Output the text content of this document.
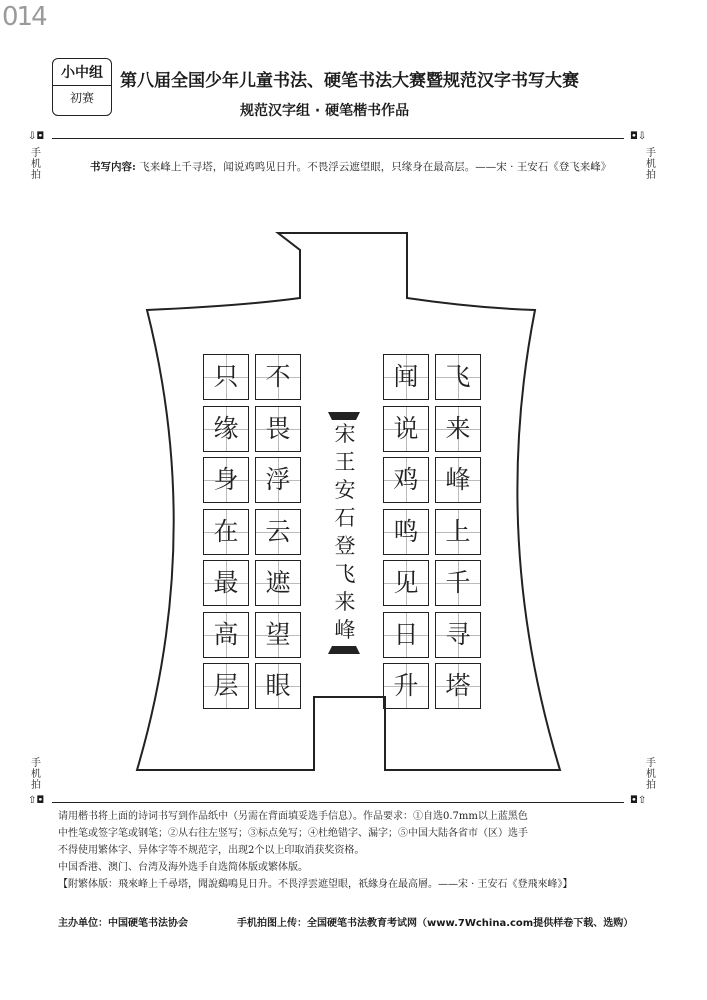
014
小中组
初赛
第八届全国少年儿童书法、硬笔书法大赛暨规范汉字书写大赛
规范汉字组 · 硬笔楷书作品
⇩◘	◘⇩
手
机
拍
手
机
拍
书写内容: 飞来峰上千寻塔，闻说鸡鸣见日升。不畏浮云遮望眼，只缘身在最高层。——宋 · 王安石《登飞来峰》
只
缘
身
在
最
高
层
不
畏
浮
云
遮
望
眼
闻
说
鸡
鸣
见
日
升
飞
来
峰
上
千
寻
塔
宋
王
安
石
登
飞
来
峰
手
机
拍
手
机
拍
⇧◘	◘⇧
请用楷书将上面的诗词书写到作品纸中（另需在背面填妥选手信息）。作品要求：①自选0.7mm以上蓝黑色
中性笔或签字笔或钢笔；②从右往左竖写；③标点免写；④杜绝错字、漏字；⑤中国大陆各省市（区）选手
不得使用繁体字、异体字等不规范字，出现2个以上印取消获奖资格。
中国香港、澳门、台湾及海外选手自选简体版或繁体版。
【附繁体版：飛來峰上千尋塔，聞說鷄鳴見日升。不畏浮雲遮望眼，祇緣身在最高層。——宋 · 王安石《登飛來峰》】
主办单位：中国硬笔书法协会	手机拍图上传：全国硬笔书法教育考试网（www.7Wchina.com提供样卷下载、选购）
